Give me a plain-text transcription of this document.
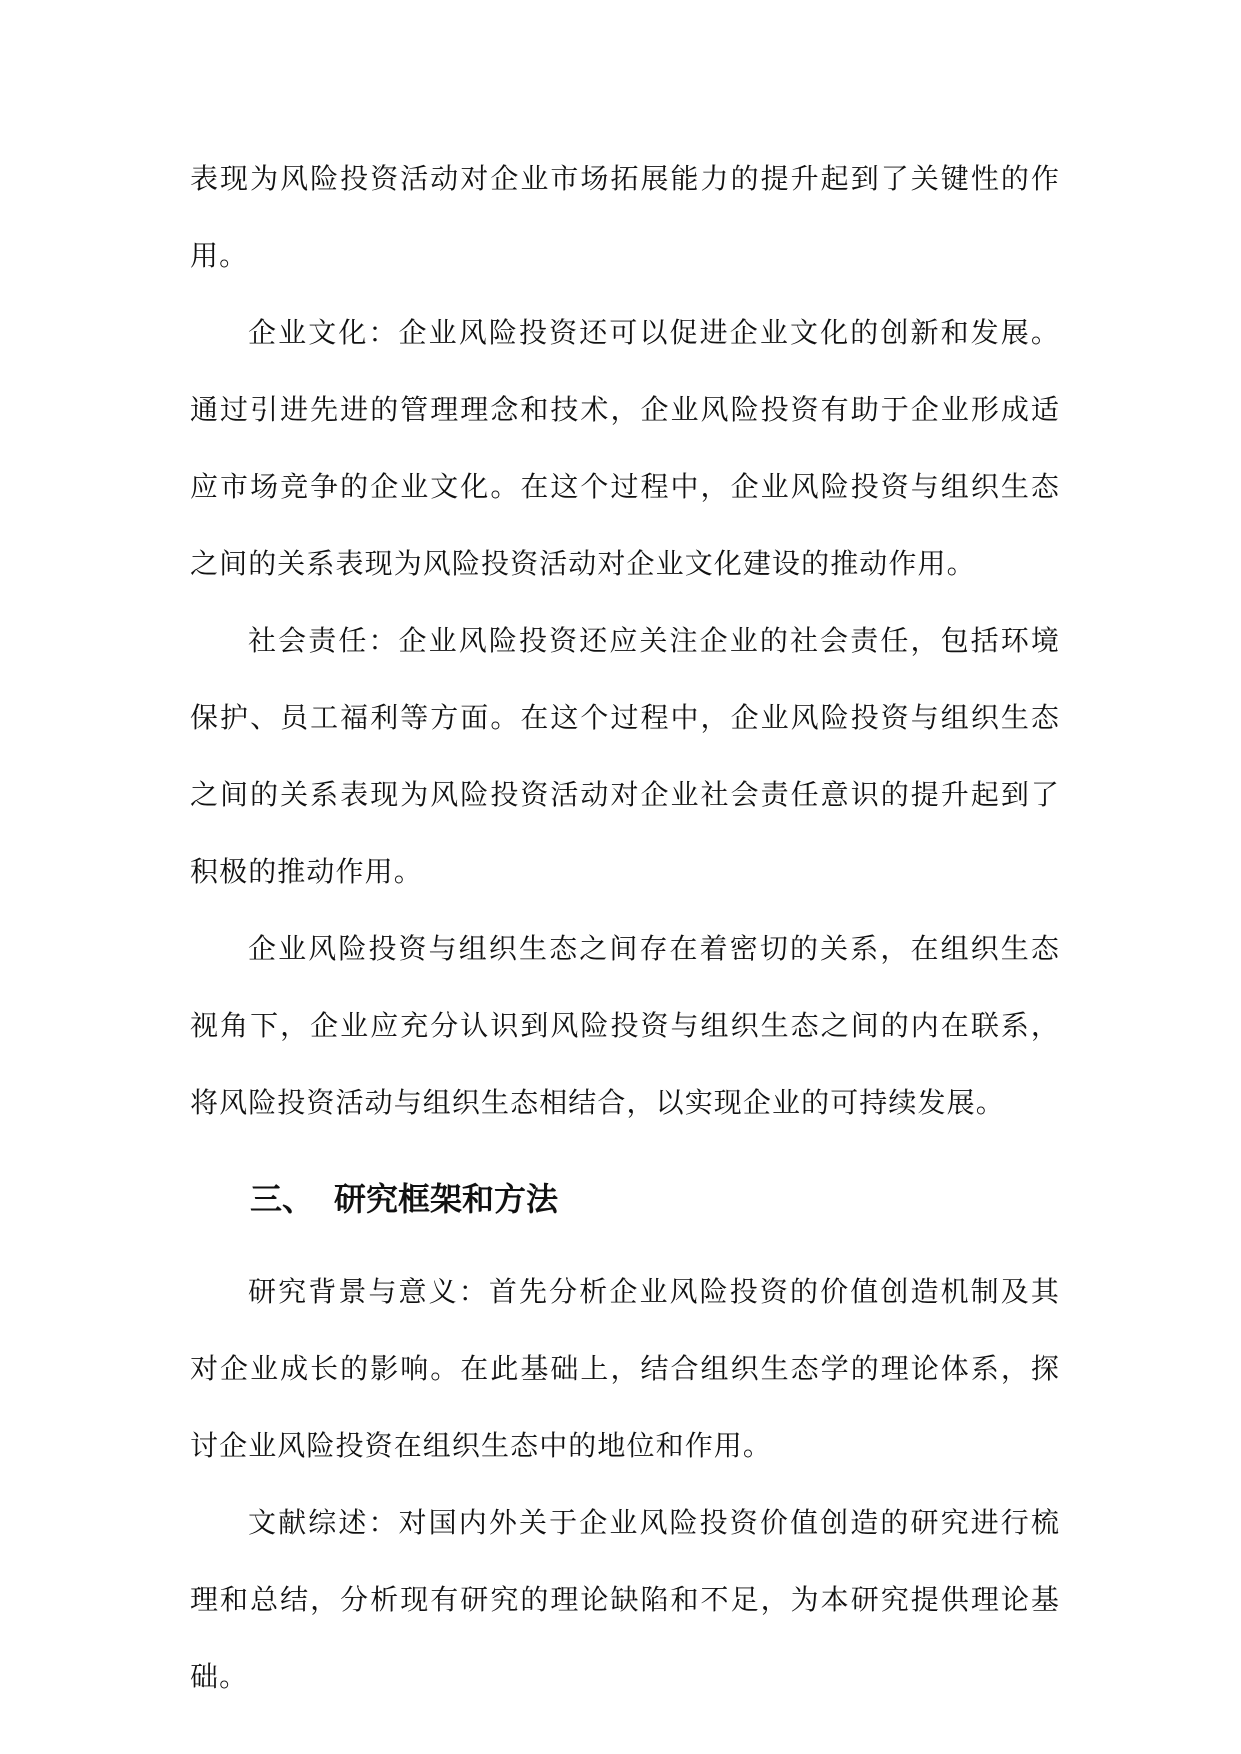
表现为风险投资活动对企业市场拓展能力的提升起到了关键性的作用。

企业文化：企业风险投资还可以促进企业文化的创新和发展。通过引进先进的管理理念和技术，企业风险投资有助于企业形成适应市场竞争的企业文化。在这个过程中，企业风险投资与组织生态之间的关系表现为风险投资活动对企业文化建设的推动作用。

社会责任：企业风险投资还应关注企业的社会责任，包括环境保护、员工福利等方面。在这个过程中，企业风险投资与组织生态之间的关系表现为风险投资活动对企业社会责任意识的提升起到了积极的推动作用。

企业风险投资与组织生态之间存在着密切的关系，在组织生态视角下，企业应充分认识到风险投资与组织生态之间的内在联系，将风险投资活动与组织生态相结合，以实现企业的可持续发展。

三、 研究框架和方法

研究背景与意义：首先分析企业风险投资的价值创造机制及其对企业成长的影响。在此基础上，结合组织生态学的理论体系，探讨企业风险投资在组织生态中的地位和作用。

文献综述：对国内外关于企业风险投资价值创造的研究进行梳理和总结，分析现有研究的理论缺陷和不足，为本研究提供理论基础。
